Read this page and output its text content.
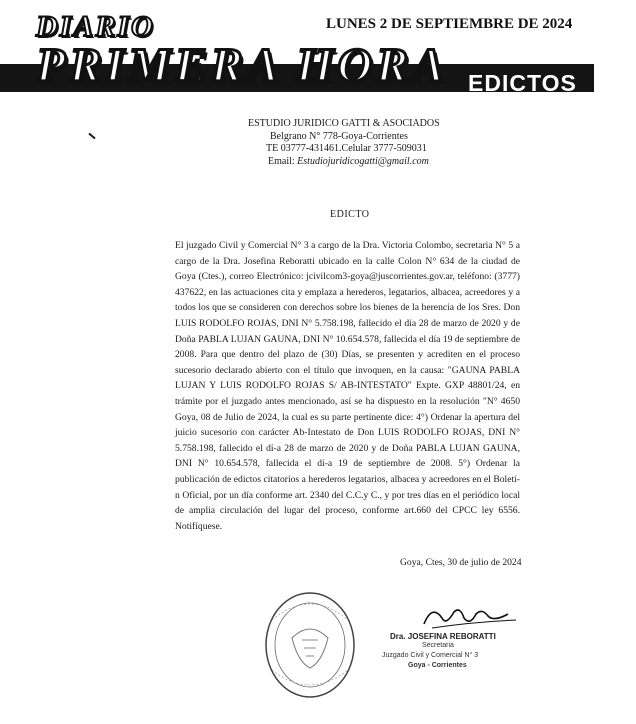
DIARIO
PRIMERA HORA
LUNES 2 DE SEPTIEMBRE DE 2024
EDICTOS
ESTUDIO JURIDICO GATTI & ASOCIADOS
Belgrano N° 778-Goya-Corrientes
TE 03777-431461.Celular 3777-509031
Email: Estudiojuridicogatti@gmail.com
EDICTO
El juzgado Civil y Comercial N° 3 a cargo de la Dra. Victoria Colombo, secretaria N° 5 a cargo de la Dra. Josefina Reboratti ubicado en la calle Colon N° 634 de la ciudad de Goya (Ctes.), correo Electrónico: jcivilcom3-goya@juscorrientes.gov.ar, teléfono: (3777) 437622, en las actuaciones cita y emplaza a herederos, legatarios, albacea, acreedores y a todos los que se consideren con derechos sobre los bienes de la herencia de los Sres. Don LUIS RODOLFO ROJAS, DNI N° 5.758.198, fallecido el día 28 de marzo de 2020 y de Doña PABLA LUJAN GAUNA, DNI N° 10.654.578, fallecida el día 19 de septiembre de 2008. Para que dentro del plazo de (30) Días, se presenten y acrediten en el proceso sucesorio declarado abierto con el título que invoquen, en la causa: "GAUNA PABLA LUJAN Y LUIS RODOLFO ROJAS S/ AB-INTESTATO" Expte. GXP 48801/24, en trámite por el juzgado antes mencionado, así se ha dispuesto en la resolución "N° 4650 Goya, 08 de Julio de 2024, la cual es su parte pertinente dice: 4°) Ordenar la apertura del juicio sucesorio con carácter Ab-Intestato de Don LUIS RODOLFO ROJAS, DNI N° 5.758.198, fallecido el dí-a 28 de marzo de 2020 y de Doña PABLA LUJAN GAUNA, DNI N° 10.654.578, fallecida el dí-a 19 de septiembre de 2008. 5°) Ordenar la publicación de edictos citatorios a herederos legatarios, albacea y acreedores en el Boletí-n Oficial, por un día conforme art. 2340 del C.C.y C., y por tres días en el periódico local de amplia circulación del lugar del proceso, conforme art.660 del CPCC ley 6556. Notifíquese.
Goya, Ctes, 30 de julio de 2024
Dra. JOSEFINA REBORATTI
Secretaria
Juzgado Civil y Comercial N° 3
Goya - Corrientes
